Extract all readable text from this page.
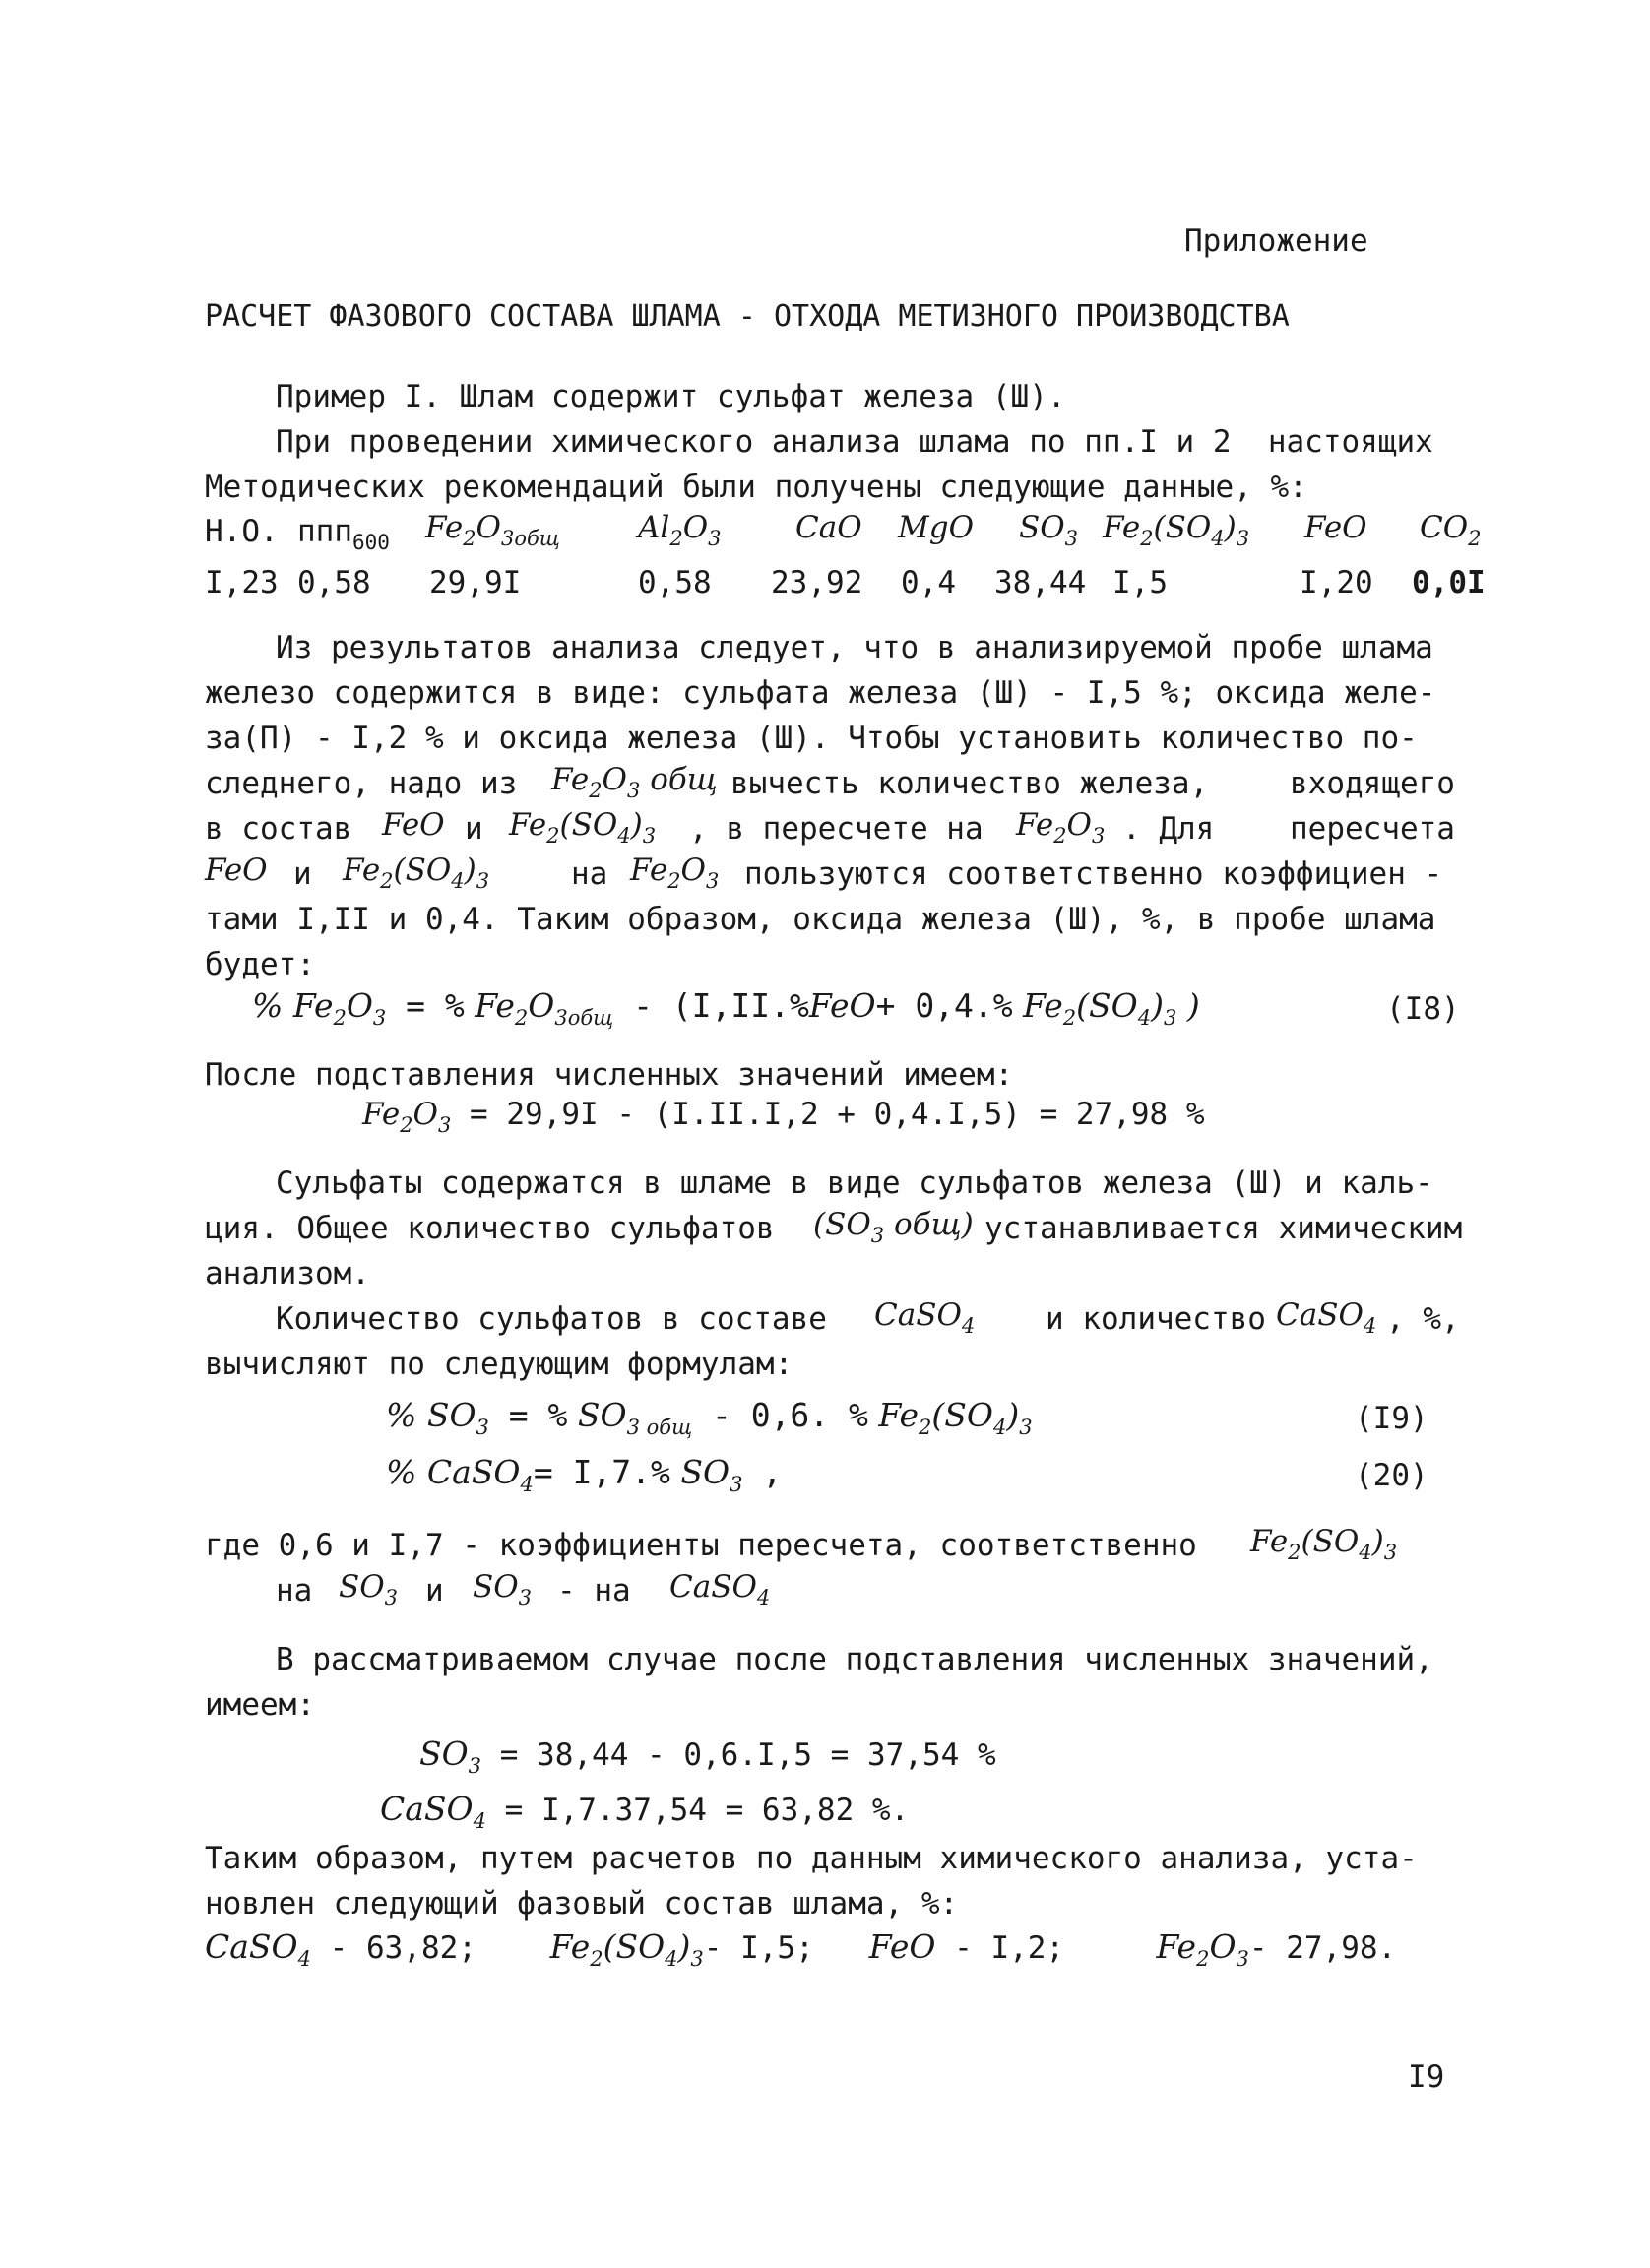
Приложение
РАСЧЕТ ФАЗОВОГО СОСТАВА ШЛАМА - ОТХОДА МЕТИЗНОГО ПРОИЗВОДСТВА
Пример I. Шлам содержит сульфат железа (Ш).
При проведении химического анализа шлама по пп.I и 2  настоящих
Методических рекомендаций были получены следующие данные, %:
Н.О. ппп$_{600}$ $Fe_2O_{3общ}$	$Al_2O_3$ CaO MgO $SO_3$ $Fe_2(SO_4)_3$ FeO $CO_2$
I,23 0,58 29,9I	0,58 23,92 0,4 38,44 I,5	I,20 0,0I
Из результатов анализа следует, что в анализируемой пробе шлама
железо содержится в виде: сульфата железа (Ш) - I,5 %; оксида желе-
за(П) - I,2 % и оксида железа (Ш). Чтобы установить количество по-
следнего, надо из $Fe_2O_3$ общ вычесть количество железа,	входящего
в состав FeO и $Fe_2(SO_4)_3$ , в пересчете на $Fe_2O_3$ . Для пересчета
FeO и $Fe_2(SO_4)_3$	на $Fe_2O_3$ пользуются соответственно коэффициен -
тами I,II и 0,4. Таким образом, оксида железа (Ш), %, в пробе шлама
будет:
% $Fe_2O_3$ = % $Fe_2O_{3общ} - (I,II.\%FeO+ 0,4.\%$ $Fe_2(SO_4)_3$ )	(I8)
После подставления численных значений имеем:
$Fe_2O_3 = 29,9I - (I.II.I,2 + 0,4.I,5) = 27,98$ %
Сульфаты содержатся в шламе в виде сульфатов железа (Ш) и каль-
ция. Общее количество сульфатов ($SO_3$ общ) устанавливается химическим
анализом.
Количество сульфатов в составе CaSO$_4$ и количество CaSO$_4$ , %,
вычисляют по следующим формулам:
% $SO_3$ = % $SO_3$ $_{общ}$ - 0,6. % $Fe_2(SO_4)_3$	(I9)
% CaSO$_4$= I,7.% $SO_3$ ,	(20)
где 0,6 и I,7 - коэффициенты пересчета, соответственно $Fe_2(SO_4)_3$
на $SO_3$ и $SO_3$ - на CaSO$_4$
В рассматриваемом случае после подставления численных значений,
имеем:
$SO_3 = 38,44 - 0,6.I,5 = 37,54$ %
CaSO$_4$ = I,7.37,54 = 63,82 %.
Таким образом, путем расчетов по данным химического анализа, уста-
новлен следующий фазовый состав шлама, %:
CaSO$_4$ - 63,82; $Fe_2(SO_4)_3-$ I,5; FeO - I,2;	$Fe_2O_3-$ 27,98.
I9
